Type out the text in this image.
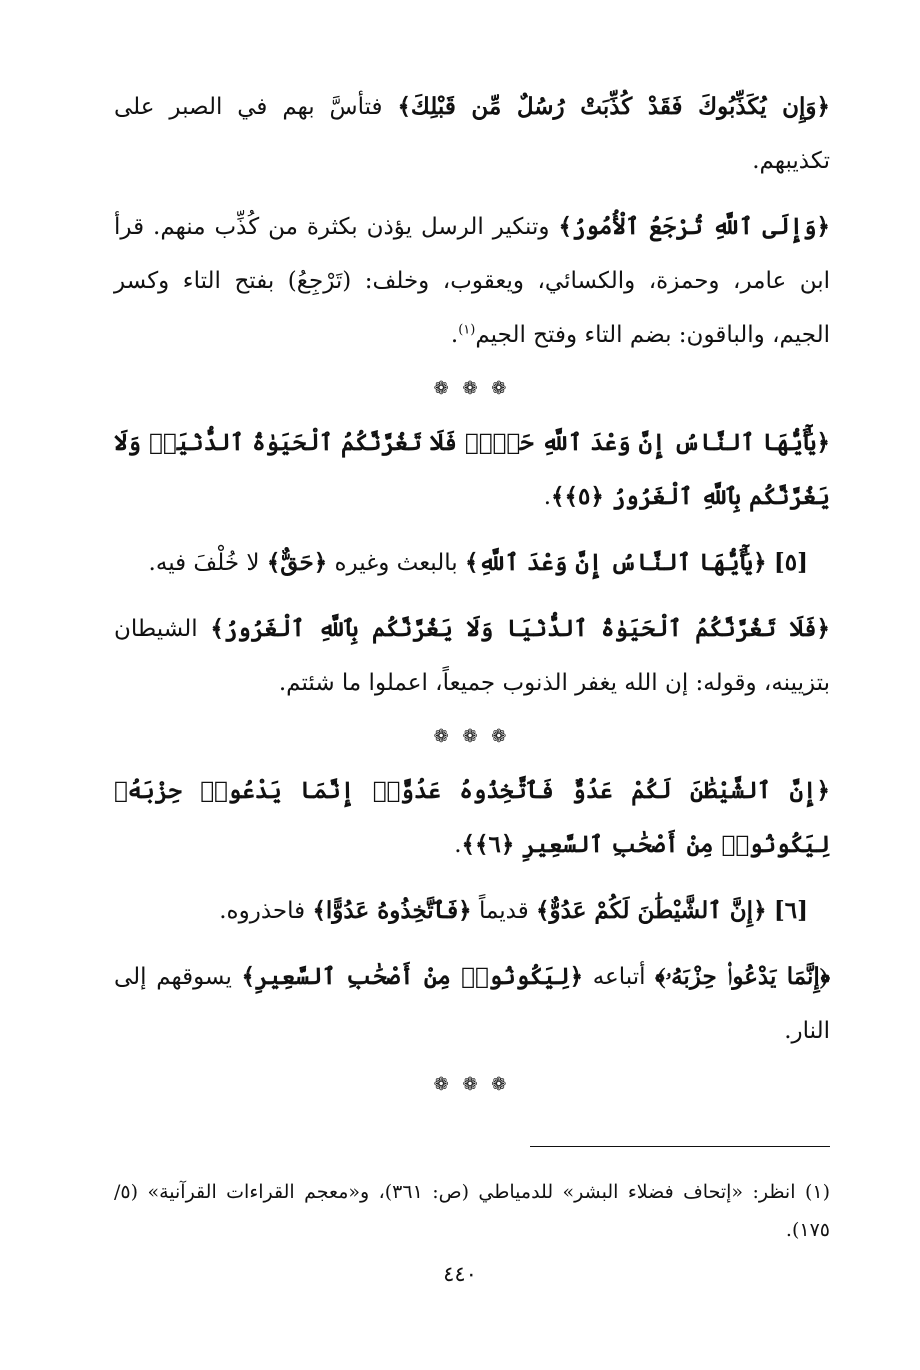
﴿وَإِن يُكَذِّبُوكَ فَقَدْ كُذِّبَتْ رُسُلٌ مِّن قَبْلِكَ﴾ فتأسَّ بهم في الصبر على تكذيبهم.

﴿وَإِلَى ٱللَّهِ تُرْجَعُ ٱلْأُمُورُ﴾ وتنكير الرسل يؤذن بكثرة من كُذِّب منهم. قرأ ابن عامر، وحمزة، والكسائي، ويعقوب، وخلف: (تَرْجِعُ) بفتح التاء وكسر الجيم، والباقون: بضم التاء وفتح الجيم$^{(١)}$.

❁ ❁ ❁

﴿يَٰٓأَيُّهَا ٱلنَّاسُ إِنَّ وَعْدَ ٱللَّهِ حَقٌّۖ فَلَا تَغُرَّنَّكُمُ ٱلْحَيَوٰةُ ٱلدُّنْيَاۖ وَلَا يَغُرَّنَّكُم بِٱللَّهِ ٱلْغَرُورُ ﴿٥﴾﴾.

[٥] ﴿يَٰٓأَيُّهَا ٱلنَّاسُ إِنَّ وَعْدَ ٱللَّهِ﴾ بالبعث وغيره ﴿حَقٌّ﴾ لا خُلْفَ فيه.

﴿فَلَا تَغُرَّنَّكُمُ ٱلْحَيَوٰةُ ٱلدُّنْيَا وَلَا يَغُرَّنَّكُم بِٱللَّهِ ٱلْغَرُورُ﴾ الشيطان بتزيينه، وقوله: إن الله يغفر الذنوب جميعاً، اعملوا ما شئتم.

❁ ❁ ❁

﴿إِنَّ ٱلشَّيْطَٰنَ لَكُمْ عَدُوٌّ فَٱتَّخِذُوهُ عَدُوًّاۚ إِنَّمَا يَدْعُوا۟ حِزْبَهُۥ لِيَكُونُوا۟ مِنْ أَصْحَٰبِ ٱلسَّعِيرِ ﴿٦﴾﴾.

[٦] ﴿إِنَّ ٱلشَّيْطَٰنَ لَكُمْ عَدُوٌّ﴾ قديماً ﴿فَٱتَّخِذُوهُ عَدُوًّا﴾ فاحذروه.

﴿إِنَّمَا يَدْعُوا۟ حِزْبَهُۥ﴾ أتباعه ﴿لِيَكُونُوا۟ مِنْ أَصْحَٰبِ ٱلسَّعِيرِ﴾ يسوقهم إلى النار.

❁ ❁ ❁

(١) انظر: «إتحاف فضلاء البشر» للدمياطي (ص: ٣٦١)، و«معجم القراءات القرآنية» (٥/ ١٧٥).

٤٤٠
